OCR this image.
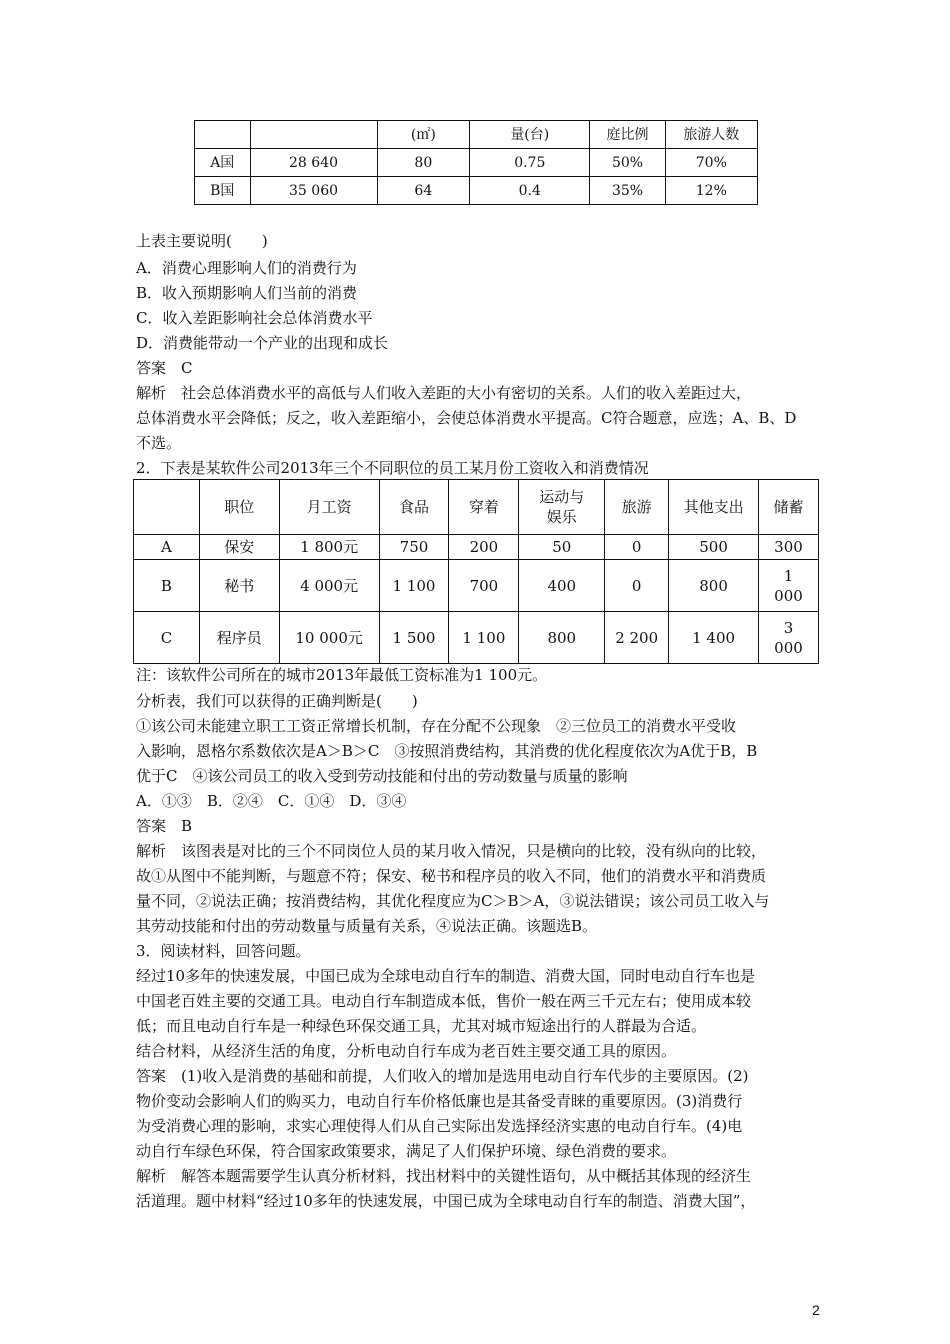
		(㎡)	量(台)	庭比例	旅游人数
A国	28 640	80	0.75	50%	70%
B国	35 060	64	0.4	35%	12%
上表主要说明(　　)
A．消费心理影响人们的消费行为
B．收入预期影响人们当前的消费
C．收入差距影响社会总体消费水平
D．消费能带动一个产业的出现和成长
答案　C
解析　社会总体消费水平的高低与人们收入差距的大小有密切的关系。人们的收入差距过大，
总体消费水平会降低；反之，收入差距缩小，会使总体消费水平提高。C符合题意，应选；A、B、D
不选。
2．下表是某软件公司2013年三个不同职位的员工某月份工资收入和消费情况
	职位	月工资	食品	穿着	运动与
娱乐	旅游	其他支出	储蓄
A	保安	1 800元	750	200	50	0	500	300

B	秘书	4 000元	1 100	700	400	0	800	1
000

C	程序员	10 000元	1 500	1 100	800	2 200	1 400	3
000
注：该软件公司所在的城市2013年最低工资标准为1 100元。
分析表，我们可以获得的正确判断是(　　)
①该公司未能建立职工工资正常增长机制，存在分配不公现象　②三位员工的消费水平受收
入影响，恩格尔系数依次是A＞B＞C　③按照消费结构，其消费的优化程度依次为A优于B，B
优于C　④该公司员工的收入受到劳动技能和付出的劳动数量与质量的影响
A．①③　B．②④　C．①④　D．③④
答案　B
解析　该图表是对比的三个不同岗位人员的某月收入情况，只是横向的比较，没有纵向的比较，
故①从图中不能判断，与题意不符；保安、秘书和程序员的收入不同，他们的消费水平和消费质
量不同，②说法正确；按消费结构，其优化程度应为C＞B＞A，③说法错误；该公司员工收入与
其劳动技能和付出的劳动数量与质量有关系，④说法正确。该题选B。
3．阅读材料，回答问题。
经过10多年的快速发展，中国已成为全球电动自行车的制造、消费大国，同时电动自行车也是
中国老百姓主要的交通工具。电动自行车制造成本低，售价一般在两三千元左右；使用成本较
低；而且电动自行车是一种绿色环保交通工具，尤其对城市短途出行的人群最为合适。
结合材料，从经济生活的角度，分析电动自行车成为老百姓主要交通工具的原因。
答案　(1)收入是消费的基础和前提，人们收入的增加是选用电动自行车代步的主要原因。(2)
物价变动会影响人们的购买力，电动自行车价格低廉也是其备受青睐的重要原因。(3)消费行
为受消费心理的影响，求实心理使得人们从自己实际出发选择经济实惠的电动自行车。(4)电
动自行车绿色环保，符合国家政策要求，满足了人们保护环境、绿色消费的要求。
解析　解答本题需要学生认真分析材料，找出材料中的关键性语句，从中概括其体现的经济生
活道理。题中材料“经过10多年的快速发展，中国已成为全球电动自行车的制造、消费大国”，
2
